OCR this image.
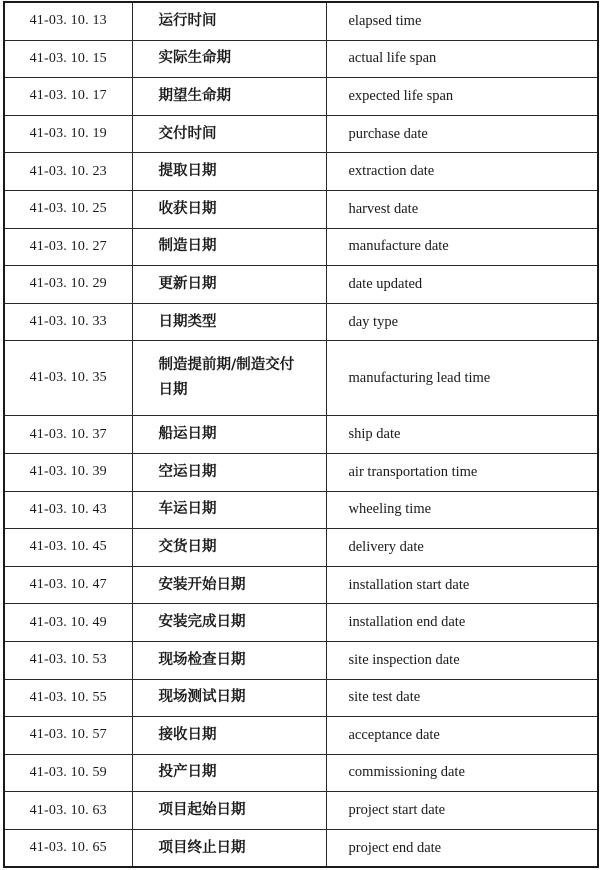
41-03. 10. 13	运行时间	elapsed time
41-03. 10. 15	实际生命期	actual life span
41-03. 10. 17	期望生命期	expected life span
41-03. 10. 19	交付时间	purchase date
41-03. 10. 23	提取日期	extraction date
41-03. 10. 25	收获日期	harvest date
41-03. 10. 27	制造日期	manufacture date
41-03. 10. 29	更新日期	date updated
41-03. 10. 33	日期类型	day type
41-03. 10. 35	制造提前期/制造交付日期	manufacturing lead time
41-03. 10. 37	船运日期	ship date
41-03. 10. 39	空运日期	air transportation time
41-03. 10. 43	车运日期	wheeling time
41-03. 10. 45	交货日期	delivery date
41-03. 10. 47	安装开始日期	installation start date
41-03. 10. 49	安装完成日期	installation end date
41-03. 10. 53	现场检查日期	site inspection date
41-03. 10. 55	现场测试日期	site test date
41-03. 10. 57	接收日期	acceptance date
41-03. 10. 59	投产日期	commissioning date
41-03. 10. 63	项目起始日期	project start date
41-03. 10. 65	项目终止日期	project end date
